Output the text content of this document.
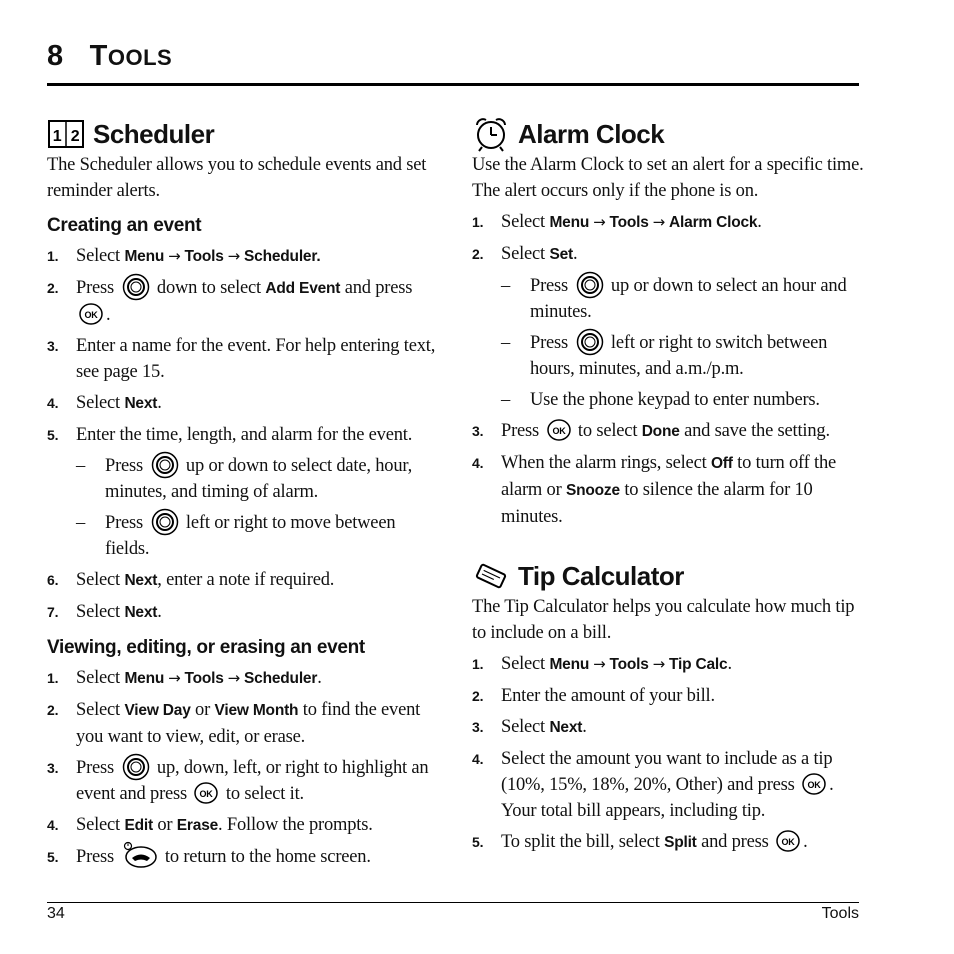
8 TOOLS
1 2 Scheduler
The Scheduler allows you to schedule events and set reminder alerts.
Creating an event
1. Select Menu → Tools → Scheduler.
2. Press  down to select Add Event and press
OK .
3. Enter a name for the event. For help entering text, see page 15.
4. Select Next.
5. Enter the time, length, and alarm for the event.
– Press  up or down to select date, hour, minutes, and timing of alarm.
– Press  left or right to move between fields.
6. Select Next, enter a note if required.
7. Select Next.
Viewing, editing, or erasing an event
1. Select Menu → Tools → Scheduler.
2. Select View Day or View Month to find the event you want to view, edit, or erase.
3. Press  up, down, left, or right to highlight an event and press OK to select it.
4. Select Edit or Erase. Follow the prompts.
5. Press  to return to the home screen.
Alarm Clock
Use the Alarm Clock to set an alert for a specific time. The alert occurs only if the phone is on.
1. Select Menu → Tools → Alarm Clock.
2. Select Set.
– Press  up or down to select an hour and minutes.
– Press  left or right to switch between hours, minutes, and a.m./p.m.
– Use the phone keypad to enter numbers.
3. Press OK to select Done and save the setting.
4. When the alarm rings, select Off to turn off the alarm or Snooze to silence the alarm for 10 minutes.
Tip Calculator
The Tip Calculator helps you calculate how much tip to include on a bill.
1. Select Menu → Tools → Tip Calc.
2. Enter the amount of your bill.
3. Select Next.
4. Select the amount you want to include as a tip (10%, 15%, 18%, 20%, Other) and press OK . Your total bill appears, including tip.
5. To split the bill, select Split and press OK .
34	Tools
